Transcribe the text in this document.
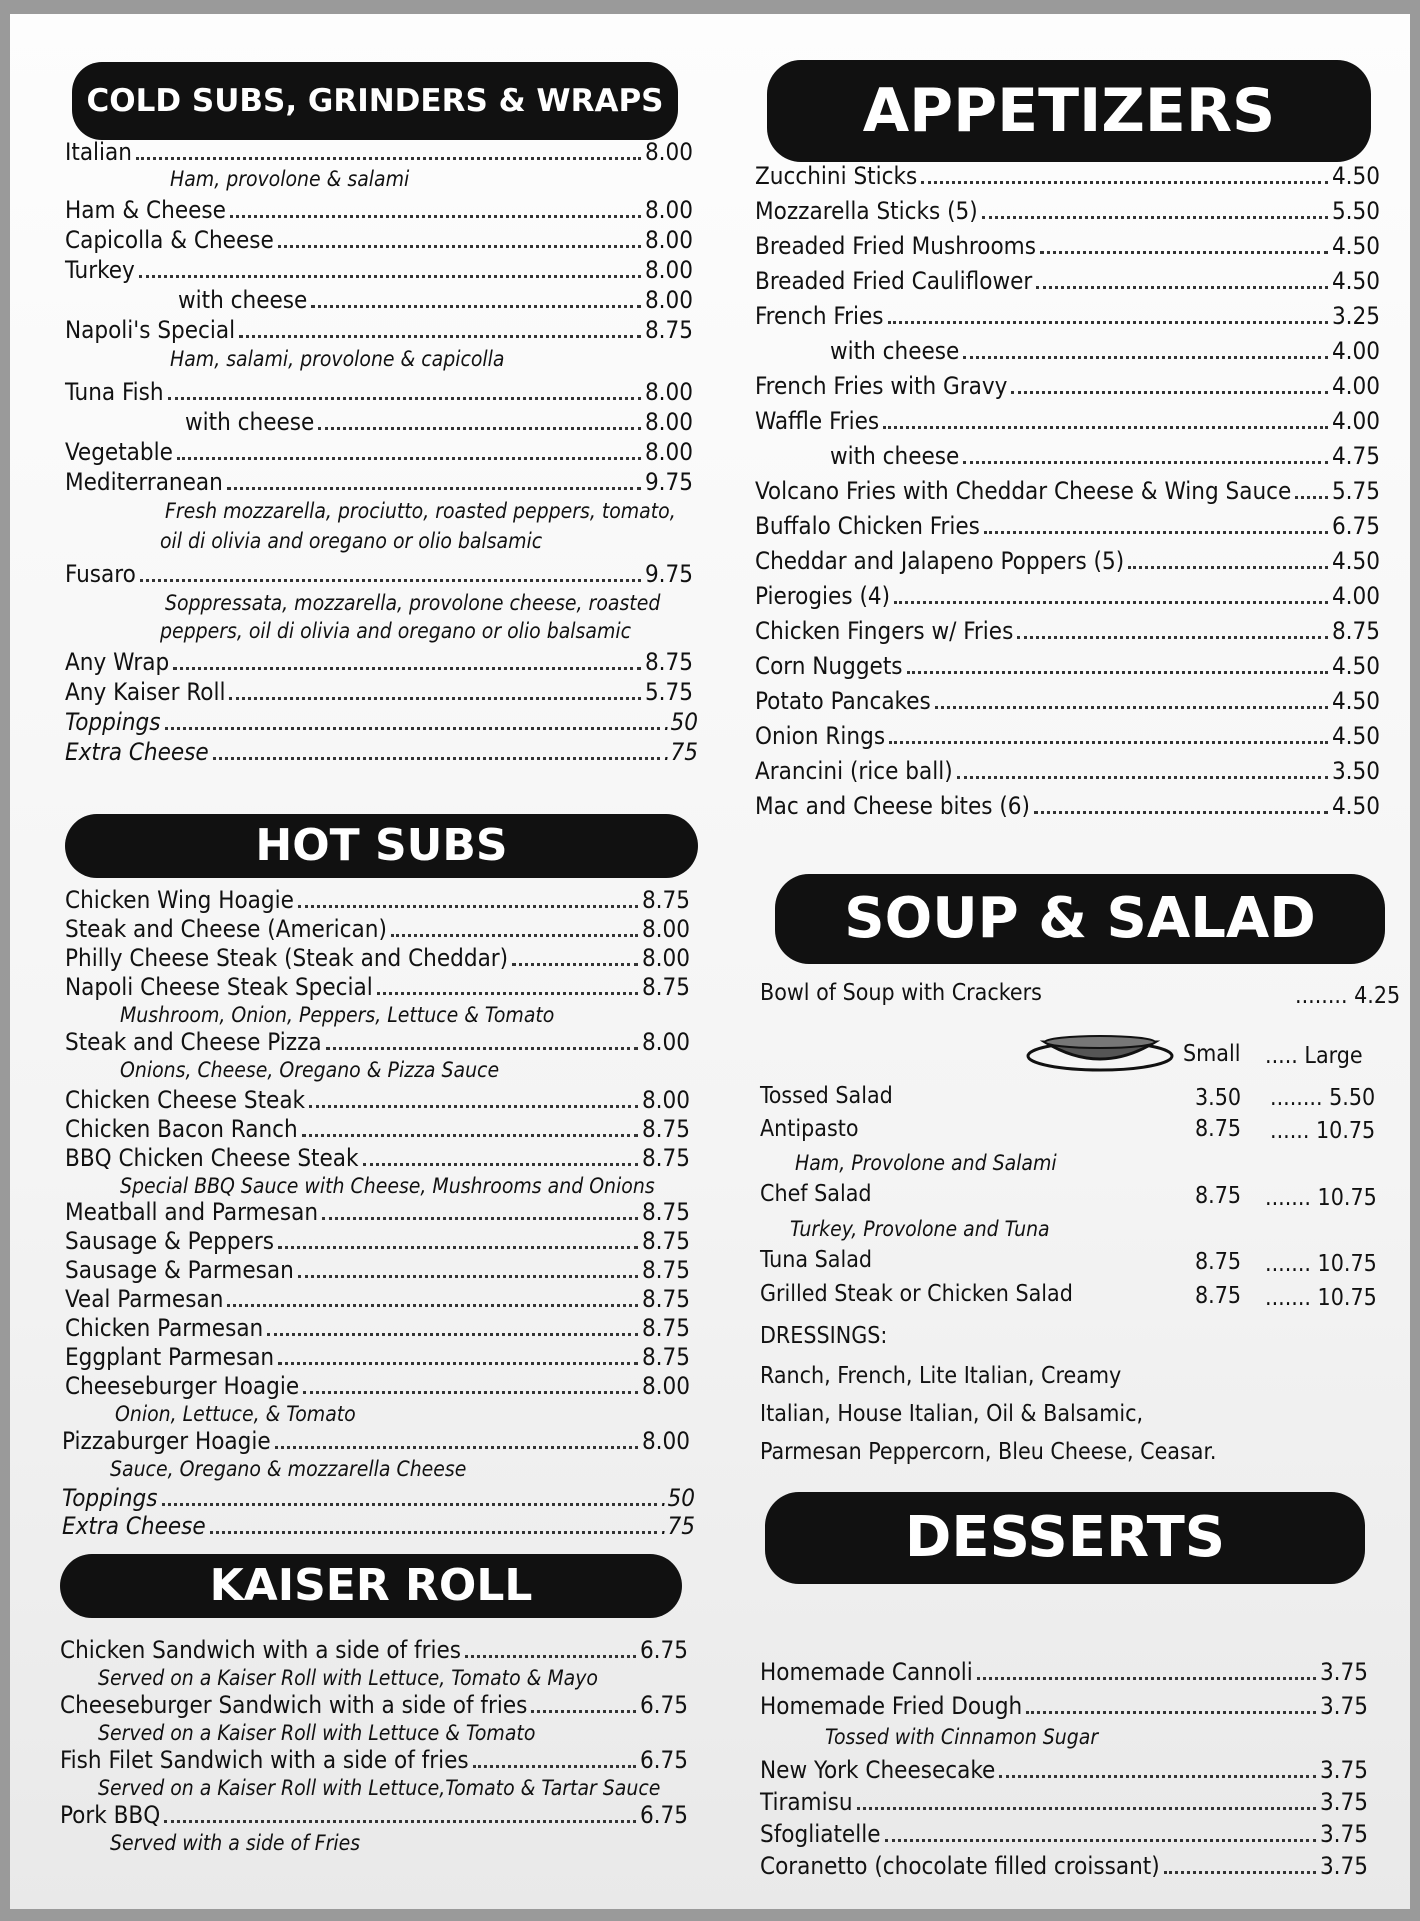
COLD SUBS, GRINDERS & WRAPS
Italian	8.00
Ham, provolone & salami
Ham & Cheese	8.00
Capicolla & Cheese	8.00
Turkey	8.00
with cheese	8.00
Napoli's Special	8.75
Ham, salami, provolone & capicolla
Tuna Fish	8.00
with cheese	8.00
Vegetable	8.00
Mediterranean	9.75
Fresh mozzarella, prociutto, roasted peppers, tomato,
oil di olivia and oregano or olio balsamic
Fusaro	9.75
Soppressata, mozzarella, provolone cheese, roasted
peppers, oil di olivia and oregano or olio balsamic
Any Wrap	8.75
Any Kaiser Roll	5.75
Toppings	.50
Extra Cheese	.75
HOT SUBS
Chicken Wing Hoagie	8.75
Steak and Cheese (American)	8.00
Philly Cheese Steak (Steak and Cheddar)	8.00
Napoli Cheese Steak Special	8.75
Mushroom, Onion, Peppers, Lettuce & Tomato
Steak and Cheese Pizza	8.00
Onions, Cheese, Oregano & Pizza Sauce
Chicken Cheese Steak	8.00
Chicken Bacon Ranch	8.75
BBQ Chicken Cheese Steak	8.75
Special BBQ Sauce with Cheese, Mushrooms and Onions
Meatball and Parmesan	8.75
Sausage & Peppers	8.75
Sausage & Parmesan	8.75
Veal Parmesan	8.75
Chicken Parmesan	8.75
Eggplant Parmesan	8.75
Cheeseburger Hoagie	8.00
Onion, Lettuce, & Tomato
Pizzaburger Hoagie	8.00
Sauce, Oregano & mozzarella Cheese
Toppings	.50
Extra Cheese	.75
KAISER ROLL
Chicken Sandwich with a side of fries	6.75
Served on a Kaiser Roll with Lettuce, Tomato & Mayo
Cheeseburger Sandwich with a side of fries	6.75
Served on a Kaiser Roll with Lettuce & Tomato
Fish Filet Sandwich with a side of fries	6.75
Served on a Kaiser Roll with Lettuce,Tomato & Tartar Sauce
Pork BBQ	6.75
Served with a side of Fries
APPETIZERS
Zucchini Sticks	4.50
Mozzarella Sticks (5)	5.50
Breaded Fried Mushrooms	4.50
Breaded Fried Cauliflower	4.50
French Fries	3.25
with cheese	4.00
French Fries with Gravy	4.00
Waffle Fries	4.00
with cheese	4.75
Volcano Fries with Cheddar Cheese & Wing Sauce 5.75
Buffalo Chicken Fries	6.75
Cheddar and Jalapeno Poppers (5)	4.50
Pierogies (4)	4.00
Chicken Fingers w/ Fries	8.75
Corn Nuggets	4.50
Potato Pancakes	4.50
Onion Rings	4.50
Arancini (rice ball)	3.50
Mac and Cheese bites (6)	4.50
SOUP & SALAD
Bowl of Soup with Crackers	........ 4.25
Small ..... Large
Tossed Salad	3.50 ........ 5.50
Antipasto	8.75 ...... 10.75
Ham, Provolone and Salami
Chef Salad	8.75 ....... 10.75
Turkey, Provolone and Tuna
Tuna Salad	8.75 ....... 10.75
Grilled Steak or Chicken Salad	8.75 ....... 10.75
DRESSINGS:
Ranch, French, Lite Italian, Creamy
Italian, House Italian, Oil & Balsamic,
Parmesan Peppercorn, Bleu Cheese, Ceasar.
DESSERTS
Homemade Cannoli	3.75
Homemade Fried Dough	3.75
Tossed with Cinnamon Sugar
New York Cheesecake	3.75
Tiramisu	3.75
Sfogliatelle	3.75
Coranetto (chocolate filled croissant)	3.75
